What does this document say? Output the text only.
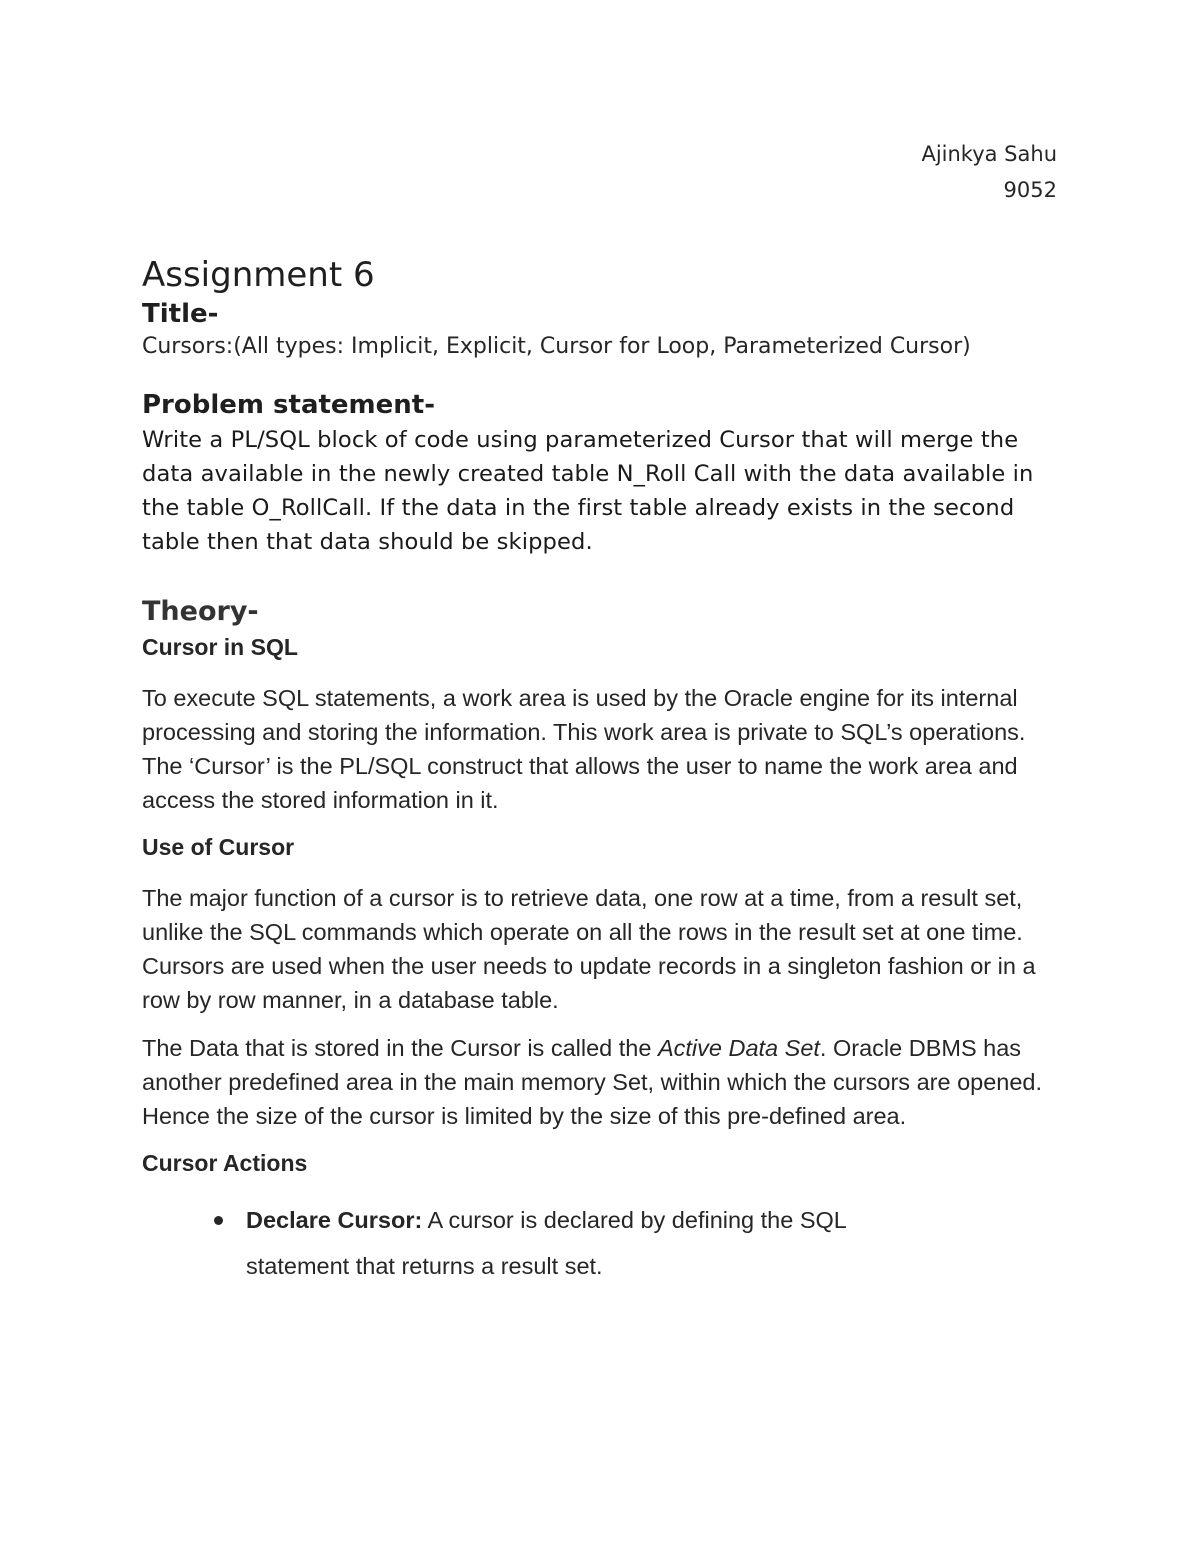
Ajinkya Sahu
9052
Assignment 6

Title-

Cursors:(All types: Implicit, Explicit, Cursor for Loop, Parameterized Cursor)

Problem statement-

Write a PL/SQL block of code using parameterized Cursor that will merge the data available in the newly created table N_Roll Call with the data available in the table O_RollCall. If the data in the first table already exists in the second table then that data should be skipped.

Theory-

Cursor in SQL

To execute SQL statements, a work area is used by the Oracle engine for its internal processing and storing the information. This work area is private to SQL’s operations. The ‘Cursor’ is the PL/SQL construct that allows the user to name the work area and access the stored information in it.

Use of Cursor

The major function of a cursor is to retrieve data, one row at a time, from a result set, unlike the SQL commands which operate on all the rows in the result set at one time. Cursors are used when the user needs to update records in a singleton fashion or in a row by row manner, in a database table.

The Data that is stored in the Cursor is called the Active Data Set. Oracle DBMS has another predefined area in the main memory Set, within which the cursors are opened. Hence the size of the cursor is limited by the size of this pre-defined area.

Cursor Actions

Declare Cursor: A cursor is declared by defining the SQL statement that returns a result set.
